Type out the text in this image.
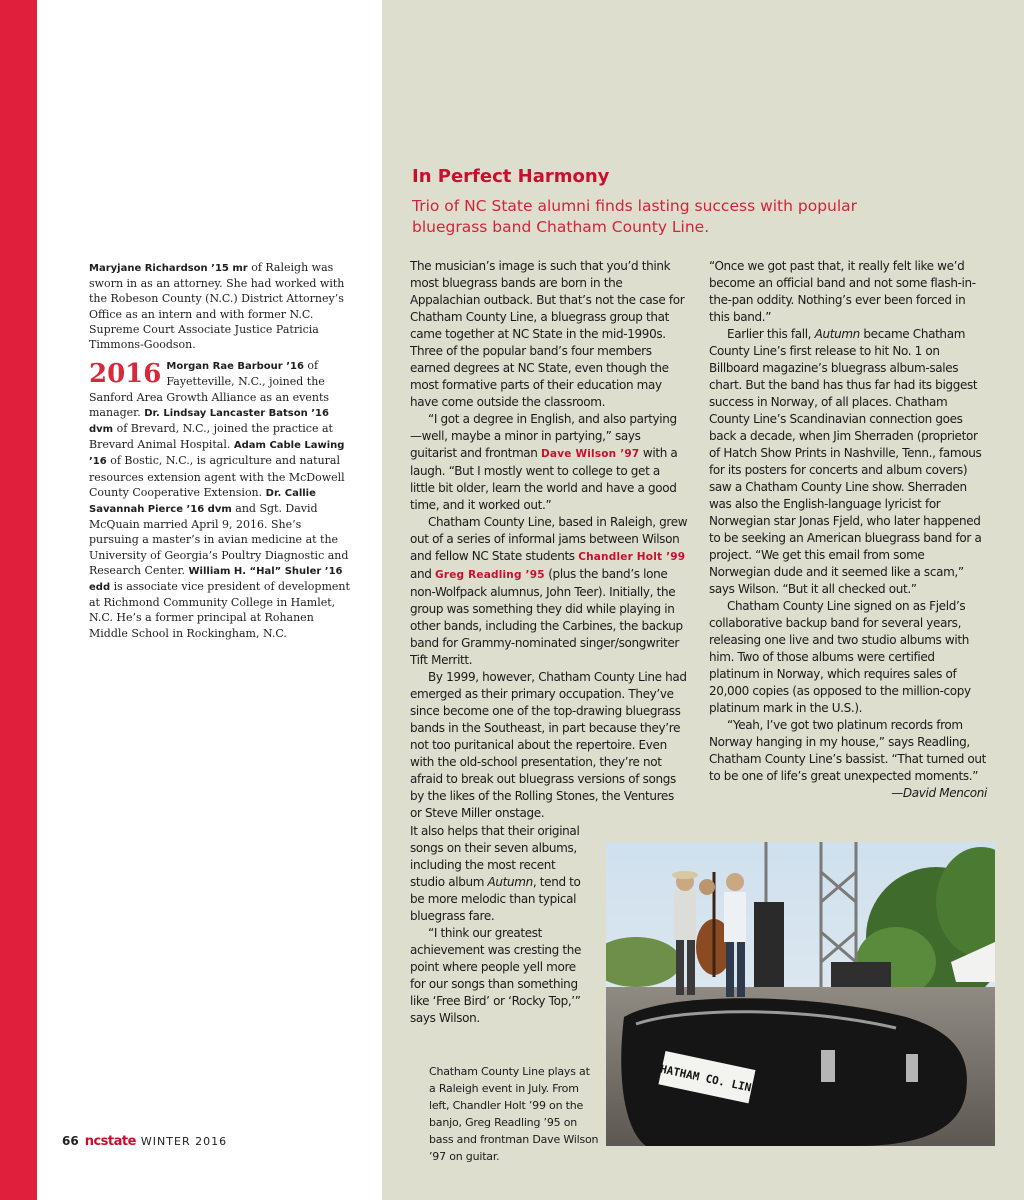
Maryjane Richardson ’15 mr of Raleigh was sworn in as an attorney. She had worked with the Robeson County (N.C.) District Attorney’s Office as an intern and with former N.C. Supreme Court Associate Justice Patricia Timmons-Goodson.

2016 Morgan Rae Barbour ’16 of Fayetteville, N.C., joined the Sanford Area Growth Alliance as an events manager. Dr. Lindsay Lancaster Batson ’16 dvm of Brevard, N.C., joined the practice at Brevard Animal Hospital. Adam Cable Lawing ’16 of Bostic, N.C., is agriculture and natural resources extension agent with the McDowell County Cooperative Extension. Dr. Callie Savannah Pierce ’16 dvm and Sgt. David McQuain married April 9, 2016. She’s pursuing a master’s in avian medicine at the University of Georgia’s Poultry Diagnostic and Research Center. William H. “Hal” Shuler ’16 edd is associate vice president of development at Richmond Community College in Hamlet, N.C. He’s a former principal at Rohanen Middle School in Rockingham, N.C.

In Perfect Harmony

Trio of NC State alumni finds lasting success with popular bluegrass band Chatham County Line.

The musician’s image is such that you’d think most bluegrass bands are born in the Appalachian outback. But that’s not the case for Chatham County Line, a bluegrass group that came together at NC State in the mid-1990s. Three of the popular band’s four members earned degrees at NC State, even though the most formative parts of their education may have come outside the classroom.

“I got a degree in English, and also partying—well, maybe a minor in partying,” says guitarist and frontman Dave Wilson ’97 with a laugh. “But I mostly went to college to get a little bit older, learn the world and have a good time, and it worked out.”

Chatham County Line, based in Raleigh, grew out of a series of informal jams between Wilson and fellow NC State students Chandler Holt ’99 and Greg Readling ’95 (plus the band’s lone non-Wolfpack alumnus, John Teer). Initially, the group was something they did while playing in other bands, including the Carbines, the backup band for Grammy-nominated singer/songwriter Tift Merritt.

By 1999, however, Chatham County Line had emerged as their primary occupation. They’ve since become one of the top-drawing bluegrass bands in the Southeast, in part because they’re not too puritanical about the repertoire. Even with the old-school presentation, they’re not afraid to break out bluegrass versions of songs by the likes of the Rolling Stones, the Ventures or Steve Miller onstage.

It also helps that their original songs on their seven albums, including the most recent studio album Autumn, tend to be more melodic than typical bluegrass fare.

“I think our greatest achievement was cresting the point where people yell more for our songs than something like ‘Free Bird’ or ‘Rocky Top,’” says Wilson.

“Once we got past that, it really felt like we’d become an official band and not some flash-in-the-pan oddity. Nothing’s ever been forced in this band.”

Earlier this fall, Autumn became Chatham County Line’s first release to hit No. 1 on Billboard magazine’s bluegrass album-sales chart. But the band has thus far had its biggest success in Norway, of all places. Chatham County Line’s Scandinavian connection goes back a decade, when Jim Sherraden (proprietor of Hatch Show Prints in Nashville, Tenn., famous for its posters for concerts and album covers) saw a Chatham County Line show. Sherraden was also the English-language lyricist for Norwegian star Jonas Fjeld, who later happened to be seeking an American bluegrass band for a project. “We get this email from some Norwegian dude and it seemed like a scam,” says Wilson. “But it all checked out.”

Chatham County Line signed on as Fjeld’s collaborative backup band for several years, releasing one live and two studio albums with him. Two of those albums were certified platinum in Norway, which requires sales of 20,000 copies (as opposed to the million-copy platinum mark in the U.S.).

“Yeah, I’ve got two platinum records from Norway hanging in my house,” says Readling, Chatham County Line’s bassist. “That turned out to be one of life’s great unexpected moments.”
—David Menconi

CHATHAM CO. LINE

Chatham County Line plays at a Raleigh event in July. From left, Chandler Holt ’99 on the banjo, Greg Readling ’95 on bass and frontman Dave Wilson ’97 on guitar.

66 ncstate WINTER 2016
